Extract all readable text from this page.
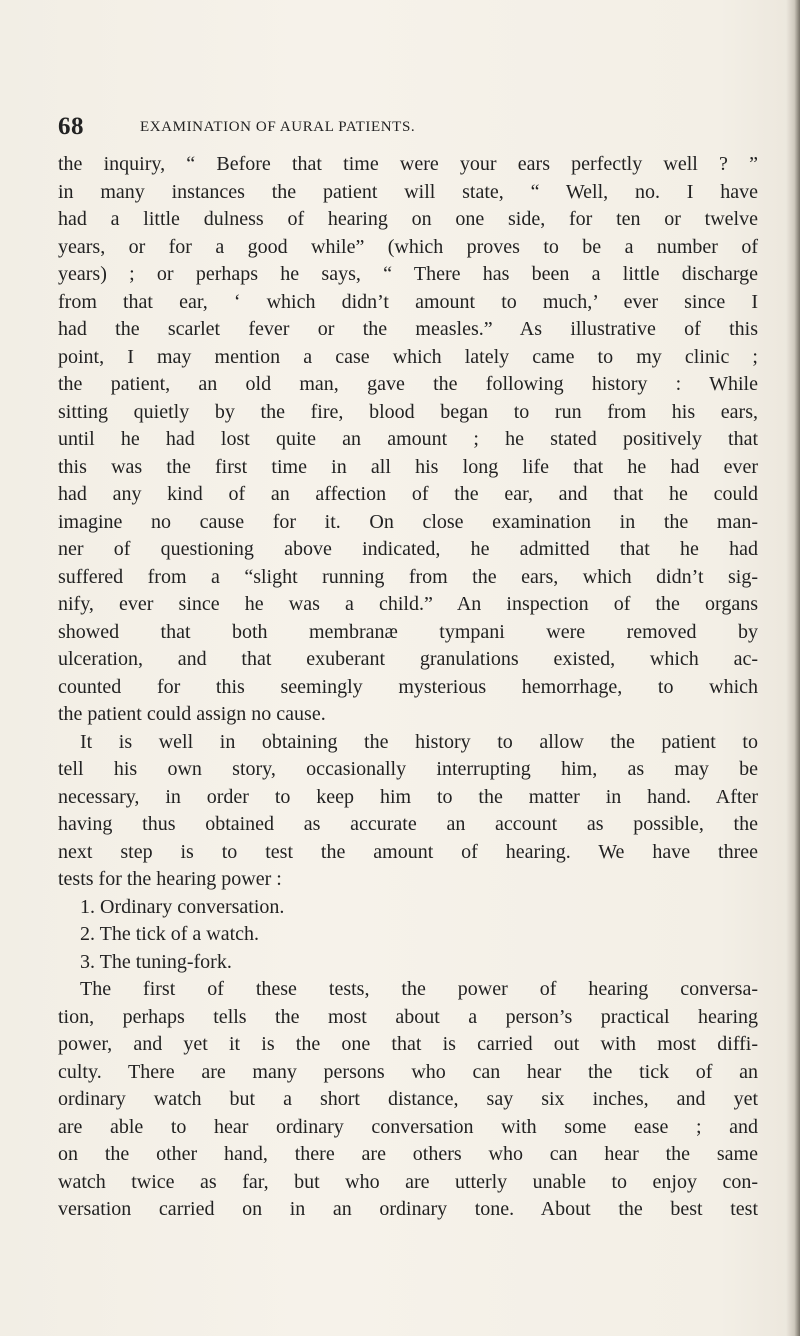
68	EXAMINATION OF AURAL PATIENTS.
the inquiry, “ Before that time were your ears perfectly well ? ”
in many instances the patient will state, “ Well, no. I have
had a little dulness of hearing on one side, for ten or twelve
years, or for a good while” (which proves to be a number of
years) ; or perhaps he says, “ There has been a little discharge
from that ear, ‘ which didn’t amount to much,’ ever since I
had the scarlet fever or the measles.” As illustrative of this
point, I may mention a case which lately came to my clinic ;
the patient, an old man, gave the following history : While
sitting quietly by the fire, blood began to run from his ears,
until he had lost quite an amount ; he stated positively that
this was the first time in all his long life that he had ever
had any kind of an affection of the ear, and that he could
imagine no cause for it. On close examination in the man-
ner of questioning above indicated, he admitted that he had
suffered from a “slight running from the ears, which didn’t sig-
nify, ever since he was a child.” An inspection of the organs
showed that both membranæ tympani were removed by
ulceration, and that exuberant granulations existed, which ac-
counted for this seemingly mysterious hemorrhage, to which
the patient could assign no cause.
It is well in obtaining the history to allow the patient to
tell his own story, occasionally interrupting him, as may be
necessary, in order to keep him to the matter in hand. After
having thus obtained as accurate an account as possible, the
next step is to test the amount of hearing. We have three
tests for the hearing power :
1. Ordinary conversation.
2. The tick of a watch.
3. The tuning-fork.
The first of these tests, the power of hearing conversa-
tion, perhaps tells the most about a person’s practical hearing
power, and yet it is the one that is carried out with most diffi-
culty. There are many persons who can hear the tick of an
ordinary watch but a short distance, say six inches, and yet
are able to hear ordinary conversation with some ease ; and
on the other hand, there are others who can hear the same
watch twice as far, but who are utterly unable to enjoy con-
versation carried on in an ordinary tone. About the best test
